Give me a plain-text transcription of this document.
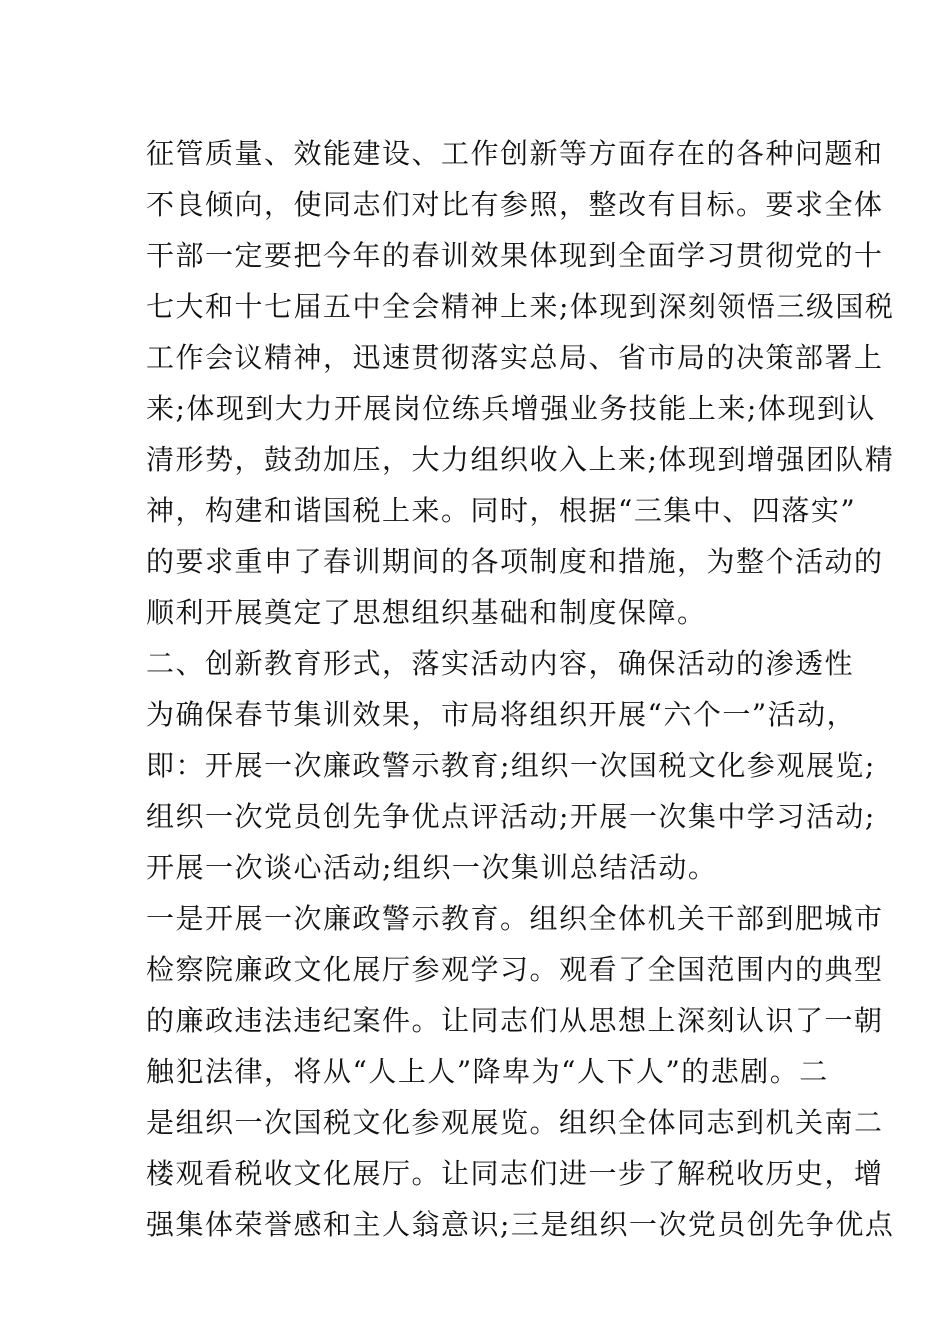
征管质量、效能建设、工作创新等方面存在的各种问题和
不良倾向，使同志们对比有参照，整改有目标。要求全体
干部一定要把今年的春训效果体现到全面学习贯彻党的十
七大和十七届五中全会精神上来;体现到深刻领悟三级国税
工作会议精神，迅速贯彻落实总局、省市局的决策部署上
来;体现到大力开展岗位练兵增强业务技能上来;体现到认
清形势，鼓劲加压，大力组织收入上来;体现到增强团队精
神，构建和谐国税上来。同时，根据“三集中、四落实”
的要求重申了春训期间的各项制度和措施，为整个活动的
顺利开展奠定了思想组织基础和制度保障。
二、创新教育形式，落实活动内容，确保活动的渗透性
为确保春节集训效果，市局将组织开展“六个一”活动，
即：开展一次廉政警示教育;组织一次国税文化参观展览;
组织一次党员创先争优点评活动;开展一次集中学习活动;
开展一次谈心活动;组织一次集训总结活动。
一是开展一次廉政警示教育。组织全体机关干部到肥城市
检察院廉政文化展厅参观学习。观看了全国范围内的典型
的廉政违法违纪案件。让同志们从思想上深刻认识了一朝
触犯法律，将从“人上人”降卑为“人下人”的悲剧。二
是组织一次国税文化参观展览。组织全体同志到机关南二
楼观看税收文化展厅。让同志们进一步了解税收历史，增
强集体荣誉感和主人翁意识;三是组织一次党员创先争优点
